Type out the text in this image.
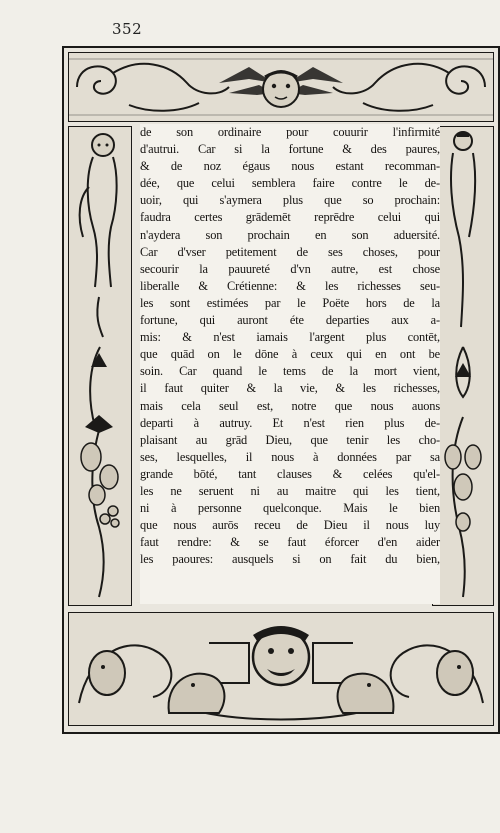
352

de son ordinaire pour couurir l'infirmité

d'autrui. Car si la fortune & des paures,

& de noz égaus nous estant recomman-

dée, que celui semblera faire contre le de-

uoir, qui s'aymera plus que so prochain:

faudra certes grādemēt reprēdre celui qui

n'aydera son prochain en son aduersité.

Car d'vser petitement de ses choses, pour

secourir la pauureté d'vn autre, est chose

liberalle & Crétienne: & les richesses seu-

les sont estimées par le Poëte hors de la

fortune, qui auront éte departies aux a-

mis: & n'est iamais l'argent plus contēt,

que quād on le dōne à ceux qui en ont be

soin. Car quand le tems de la mort vient,

il faut quiter & la vie, & les richesses,

mais cela seul est, notre que nous auons

departi à autruy. Et n'est rien plus de-

plaisant au grād Dieu, que tenir les cho-

ses, lesquelles, il nous à données par sa

grande bōté, tant clauses & celées qu'el-

les ne seruent ni au maitre qui les tient,

ni à personne quelconque. Mais le bien

que nous aurōs receu de Dieu il nous luy

faut rendre: & se faut éforcer d'en aider

les paoures: ausquels si on fait du bien,
